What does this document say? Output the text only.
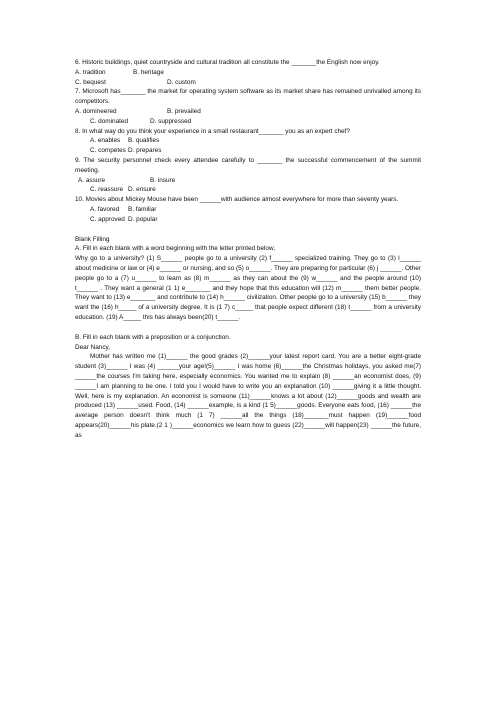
6. Historic buildings, quiet countryside and cultural tradition all constitute the _______the English now enjoy.

A. tradition	B. heritage
C. bequest	D. custom

7. Microsoft has_______ the market for operating system software as its market share has remained unrivalled among its competitors.

A. domineered	B. prevailed
C. dominated	D. suppressed

8. In what way do you think your experience in a small restaurant_______ you as an expert chef?

A. enables	B. qualifies
C. competes D. prepares

9. The security personnel check every attendee carefully to _______ the successful commencement of the summit meeting.

A. assure	B. insure
C. reassure D. ensure

10. Movies about Mickey Mouse have been ______with audience almost everywhere for more than seventy years.

A. favored	B. familiar
C. approved D. popular

Blank Filling

A. Fill in each blank with a word beginning with the letter printed below,

Why go to a university? (1) S______ people go to a university (2) f______ specialized training. They go to (3) l______ about medicine or law or (4) e______ or nursing, and so (5) o______. They are preparing for particular (6) j ______. Other people go to a (7) u______ to learn as (8) m______ as they can about the (9) w______ and the people around (10) t______ . They want a general (1 1) e_______ and they hope that this education will (12) m______ them better people. They want to (13) e_______ and contribute to (14) h______ civilization. Other people go to a university (15) b______ they want the (16) h_____ of a university degree. It is (1 7) c_____ that people expect different (18) t______ from a university education. (19) A_____ this has always been(20) t______.

B. Fill in each blank with a preposition or a conjunction.

Dear Nancy,

Mother has written me (1)______ the good grades (2)______your latest report card. You are a better eight-grade student (3)______ I was (4) ______your age!(5)______ I was home (6)______the Christmas holidays, you asked me(7) ______the courses I'm taking here, especially economics. You wanted me to explain (8) ______an economist does, (9) ______I am planning to be one. I told you I would have to write you an explanation (10) ______giving it a little thought. Well, here is my explanation. An economist is someone (11)______knows a lot about (12)______goods and wealth are produced (13) ______used. Food, (14) ______example, is a kind (1 5)______goods. Everyone eats food, (16) ______the average person doesn't think much (1 7) ______all the things (18)_______must happen (19)______food appears(20)______his plate.(2 1 )______economics we learn how to guess (22)______will happen(23) ______the future, as
